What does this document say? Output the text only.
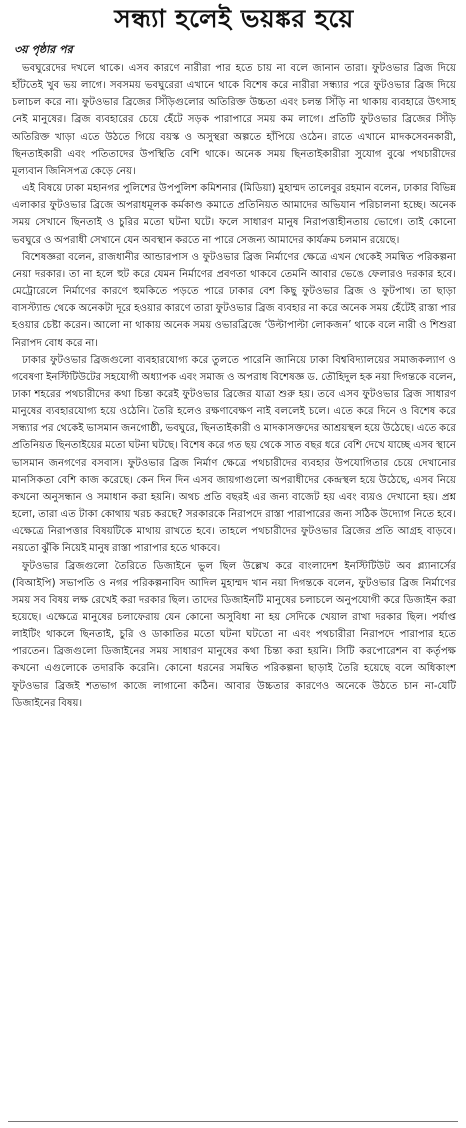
সন্ধ্যা হলেই ভয়ঙ্কর হয়ে
৩য় পৃষ্ঠার পর

ভবঘুরেদের দখলে থাকে। এসব কারণে নারীরা পার হতে চায় না বলে জানান তারা। ফুটওভার ব্রিজ দিয়ে হাঁটতেই খুব ভয় লাগে। সবসময় ভবঘুরেরা এখানে থাকে বিশেষ করে নারীরা সন্ধ্যার পরে ফুটওভার ব্রিজ দিয়ে চলাচল করে না। ফুটওভার ব্রিজের সিঁড়িগুলোর অতিরিক্ত উচ্চতা এবং চলন্ত সিঁড়ি না থাকায় ব্যবহারে উৎসাহ নেই মানুষের। ব্রিজ ব্যবহারের চেয়ে হেঁটে সড়ক পারাপারে সময় কম লাগে। প্রতিটি ফুটওভার ব্রিজের সিঁড়ি অতিরিক্ত খাড়া এতে উঠতে গিয়ে বয়স্ক ও অসুস্থরা অল্পতে হাঁপিয়ে ওঠেন। রাতে এখানে মাদকসেবনকারী, ছিনতাইকারী এবং পতিতাদের উপস্থিতি বেশি থাকে। অনেক সময় ছিনতাইকারীরা সুযোগ বুঝে পথচারীদের মূল্যবান জিনিসপত্র কেড়ে নেয়।

এই বিষয়ে ঢাকা মহানগর পুলিশের উপপুলিশ কমিশনার (মিডিয়া) মুহাম্মদ তালেবুর রহমান বলেন, ঢাকার বিভিন্ন এলাকার ফুটওভার ব্রিজে অপরাধমূলক কর্মকাণ্ড কমাতে প্রতিনিয়ত আমাদের অভিযান পরিচালনা হচ্ছে। অনেক সময় সেখানে ছিনতাই ও চুরির মতো ঘটনা ঘটে। ফলে সাধারণ মানুষ নিরাপত্তাহীনতায় ভোগে। তাই কোনো ভবঘুরে ও অপরাধী সেখানে যেন অবস্থান করতে না পারে সেজন্য আমাদের কার্যক্রম চলমান রয়েছে।

বিশেষজ্ঞরা বলেন, রাজধানীর আন্ডারপাস ও ফুটওভার ব্রিজ নির্মাণের ক্ষেত্রে এখন থেকেই সমন্বিত পরিকল্পনা নেয়া দরকার। তা না হলে হুট করে যেমন নির্মাণের প্রবণতা থাকবে তেমনি আবার ভেঙে ফেলারও দরকার হবে। মেট্রোরেলে নির্মাণের কারণে হুমকিতে পড়তে পারে ঢাকার বেশ কিছু ফুটওভার ব্রিজ ও ফুটপাথ। তা ছাড়া বাসস্ট্যান্ড থেকে অনেকটা দূরে হওয়ার কারণে তারা ফুটওভার ব্রিজ ব্যবহার না করে অনেক সময় হেঁটেই রাস্তা পার হওয়ার চেষ্টা করেন। আলো না থাকায় অনেক সময় ওভারব্রিজে ‘উল্টাপাল্টা লোকজন’ থাকে বলে নারী ও শিশুরা নিরাপদ বোধ করে না।

ঢাকার ফুটওভার ব্রিজগুলো ব্যবহারযোগ্য করে তুলতে পারেনি জানিয়ে ঢাকা বিশ্ববিদ্যালয়ের সমাজকল্যাণ ও গবেষণা ইনস্টিটিউটের সহযোগী অধ্যাপক এবং সমাজ ও অপরাধ বিশেষজ্ঞ ড. তৌহিদুল হক নয়া দিগন্তকে বলেন, ঢাকা শহরের পথচারীদের কথা চিন্তা করেই ফুটওভার ব্রিজের যাত্রা শুরু হয়। তবে এসব ফুটওভার ব্রিজ সাধারণ মানুষের ব্যবহারযোগ্য হয়ে ওঠেনি। তৈরি হলেও রক্ষণাবেক্ষণ নাই বললেই চলে। এতে করে দিনে ও বিশেষ করে সন্ধ্যার পর থেকেই ভাসমান জনগোষ্ঠী, ভবঘুরে, ছিনতাইকারী ও মাদকাসক্তদের আশ্রয়স্থল হয়ে উঠেছে। এতে করে প্রতিনিয়ত ছিনতাইয়ের মতো ঘটনা ঘটছে। বিশেষ করে গত ছয় থেকে সাত বছর ধরে বেশি দেখে যাচ্ছে এসব স্থানে ভাসমান জনগণের বসবাস। ফুটওভার ব্রিজ নির্মাণ ক্ষেত্রে পথচারীদের ব্যবহার উপযোগিতার চেয়ে দেখানোর মানসিকতা বেশি কাজ করেছে। কেন দিন দিন এসব জায়গাগুলো অপরাধীদের কেন্দ্রস্থল হয়ে উঠেছে, এসব নিয়ে কখনো অনুসন্ধান ও সমাধান করা হয়নি। অথচ প্রতি বছরই এর জন্য বাজেট হয় এবং ব্যয়ও দেখানো হয়। প্রশ্ন হলো, তারা এত টাকা কোথায় খরচ করছে? সরকারকে নিরাপদে রাস্তা পারাপারের জন্য সঠিক উদ্যোগ নিতে হবে। এক্ষেত্রে নিরাপত্তার বিষয়টিকে মাথায় রাখতে হবে। তাহলে পথচারীদের ফুটওভার ব্রিজের প্রতি আগ্রহ বাড়বে। নয়তো ঝুঁকি নিয়েই মানুষ রাস্তা পারাপার হতে থাকবে।

ফুটওভার ব্রিজগুলো তৈরিতে ডিজাইনে ভুল ছিল উল্লেখ করে বাংলাদেশ ইনস্টিটিউট অব প্ল্যানার্সের (বিআইপি) সভাপতি ও নগর পরিকল্পনাবিদ আদিল মুহাম্মদ খান নয়া দিগন্তকে বলেন, ফুটওভার ব্রিজ নির্মাণের সময় সব বিষয় লক্ষ রেখেই করা দরকার ছিল। তাদের ডিজাইনটি মানুষের চলাচলে অনুপযোগী করে ডিজাইন করা হয়েছে। এক্ষেত্রে মানুষের চলাফেরায় যেন কোনো অসুবিধা না হয় সেদিকে খেয়াল রাখা দরকার ছিল। পর্যাপ্ত লাইটিং থাকলে ছিনতাই, চুরি ও ডাকাতির মতো ঘটনা ঘটতো না এবং পথচারীরা নিরাপদে পারাপার হতে পারতেন। ব্রিজগুলো ডিজাইনের সময় সাধারণ মানুষের কথা চিন্তা করা হয়নি। সিটি করপোরেশন বা কর্তৃপক্ষ কখনো এগুলোকে তদারকি করেনি। কোনো ধরনের সমন্বিত পরিকল্পনা ছাড়াই তৈরি হয়েছে বলে অধিকাংশ ফুটওভার ব্রিজই শতভাগ কাজে লাগানো কঠিন। আবার উচ্চতার কারণেও অনেকে উঠতে চান না-যেটি ডিজাইনের বিষয়।
